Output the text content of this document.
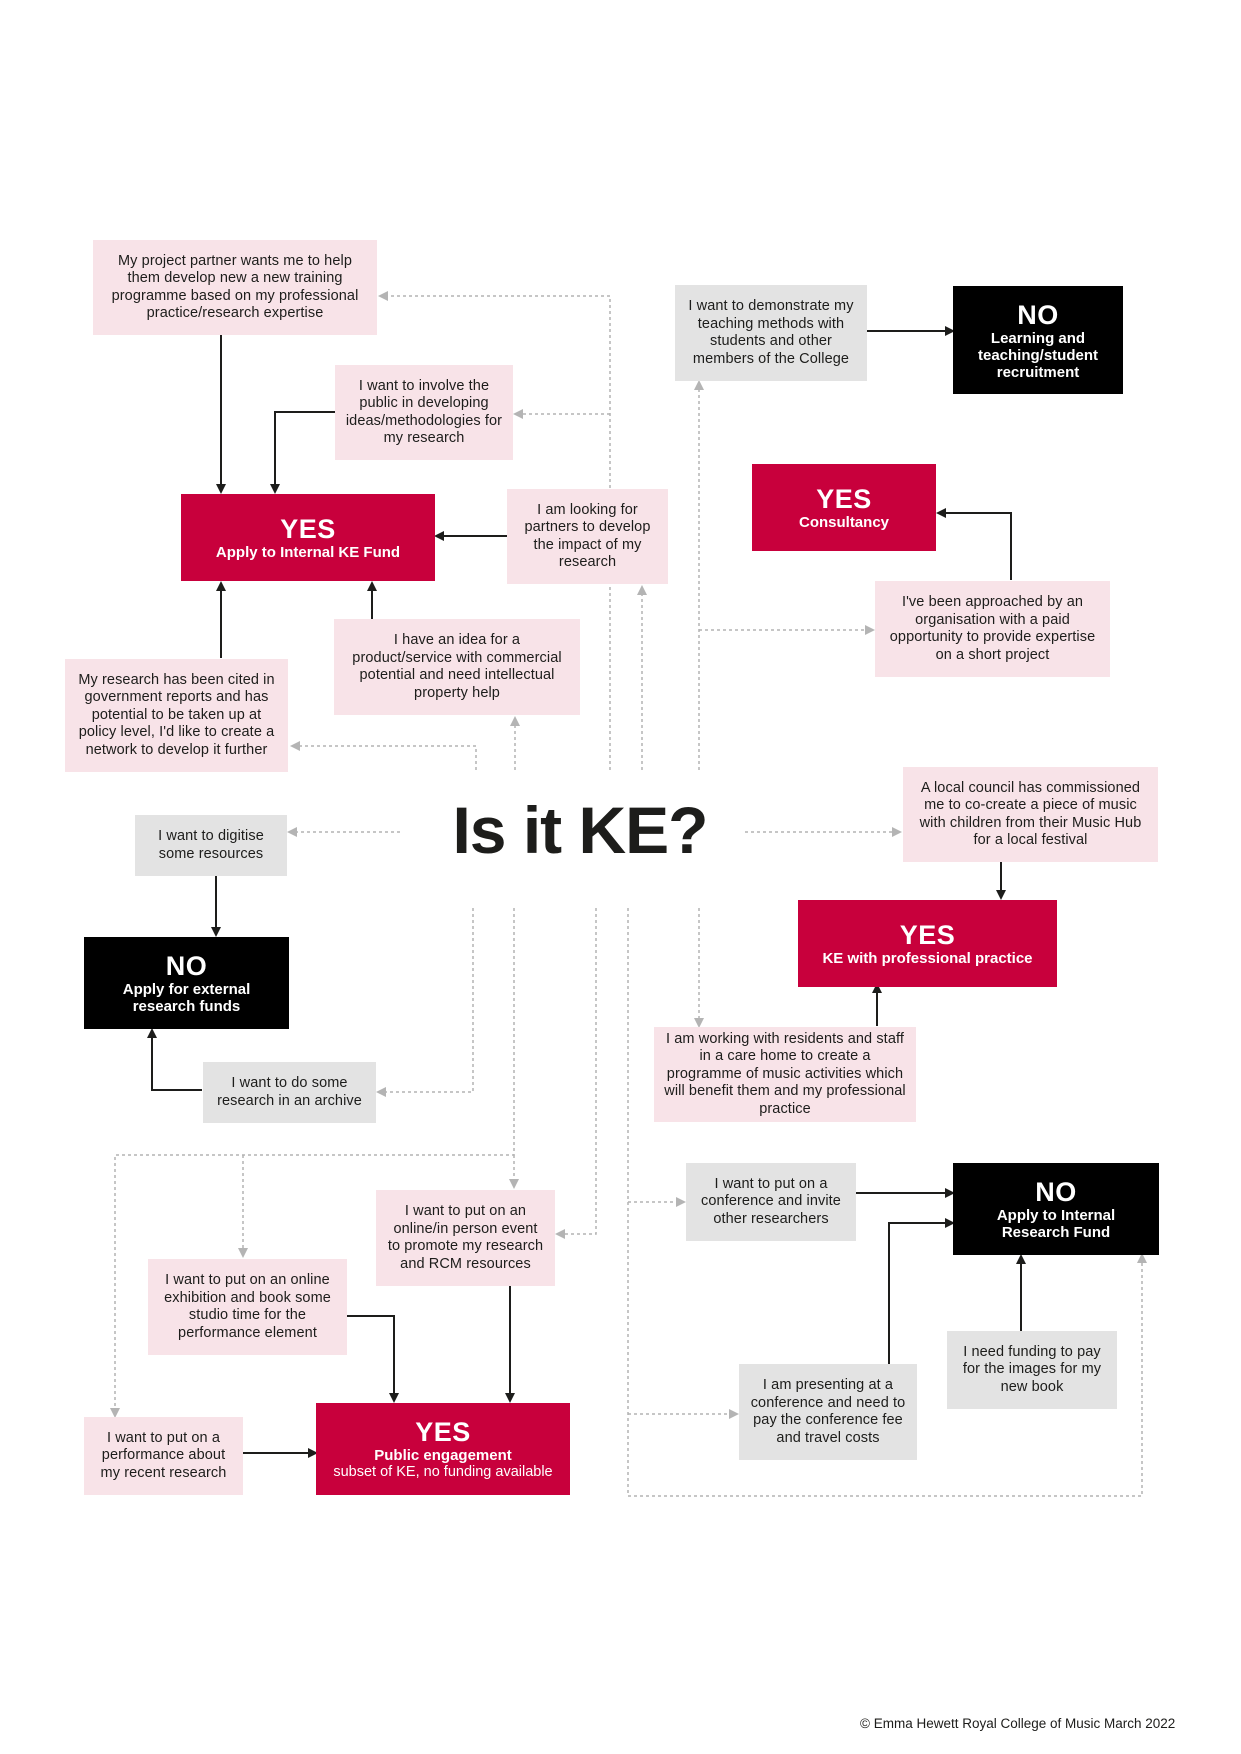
YES
Apply to Internal KE Fund
YES
Consultancy
NO
Learning and teaching/student recruitment
YES
KE with professional practice
NO
Apply for external research funds
NO
Apply to Internal Research Fund
YES
Public engagement
subset of KE, no funding available
My project partner wants me to help them develop new a new training programme based on my professional practice/research expertise
I want to involve the public in developing ideas/methodologies for my research
I am looking for partners to develop the impact of my research
I have an idea for a product/service with commercial potential and need intellectual property help
My research has been cited in government reports and has potential to be taken up at policy level, I'd like to create a network to develop it further
I want to demonstrate my teaching methods with students and other members of the College
I've been approached by an organisation with a paid opportunity to provide expertise on a short project
A local council has commissioned me to co-create a piece of music with children from their Music Hub for a local festival
I am working with residents and staff in a care home to create a programme of music activities which will benefit them and my professional practice
I want to digitise some resources
I want to do some research in an archive
I want to put on an online/in person event to promote my research and RCM resources
I want to put on an online exhibition and book some studio time for the performance element
I want to put on a performance about my recent research
I want to put on a conference and invite other researchers
I am presenting at a conference and need to pay the conference fee and travel costs
I need funding to pay for the images for my new book
Is it KE?
© Emma Hewett Royal College of Music March 2022
